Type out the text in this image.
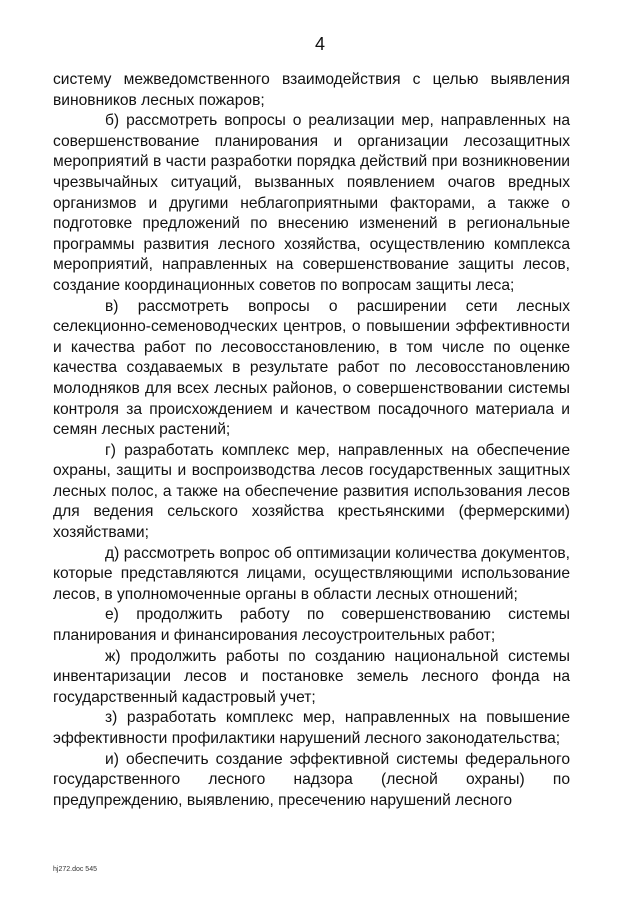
4

системy межведомственного взаимодействия с целью выявления виновников лесных пожаров;

б) рассмотреть вопросы о реализации мер, направленных на совершенствование планирования и организации лесозащитных мероприятий в части разработки порядка действий при возникновении чрезвычайных ситуаций, вызванных появлением очагов вредных организмов и другими неблагоприятными факторами, а также о подготовке предложений по внесению изменений в региональные программы развития лесного хозяйства, осуществлению комплекса мероприятий, направленных на совершенствование защиты лесов, создание координационных советов по вопросам защиты леса;

в) рассмотреть вопросы о расширении сети лесных селекционно-семеноводческих центров, о повышении эффективности и качества работ по лесовосстановлению, в том числе по оценке качества создаваемых в результате работ по лесовосстановлению молодняков для всех лесных районов, о совершенствовании системы контроля за происхождением и качеством посадочного материала и семян лесных растений;

г) разработать комплекс мер, направленных на обеспечение охраны, защиты и воспроизводства лесов государственных защитных лесных полос, а также на обеспечение развития использования лесов для ведения сельского хозяйства крестьянскими (фермерскими) хозяйствами;

д) рассмотреть вопрос об оптимизации количества документов, которые представляются лицами, осуществляющими использование лесов, в уполномоченные органы в области лесных отношений;

е) продолжить работу по совершенствованию системы планирования и финансирования лесоустроительных работ;

ж) продолжить работы по созданию национальной системы инвентаризации лесов и постановке земель лесного фонда на государственный кадастровый учет;

з) разработать комплекс мер, направленных на повышение эффективности профилактики нарушений лесного законодательства;

и) обеспечить создание эффективной системы федерального государственного лесного надзора (лесной охраны) по предупреждению, выявлению, пресечению нарушений лесного

hj272.doc 545
